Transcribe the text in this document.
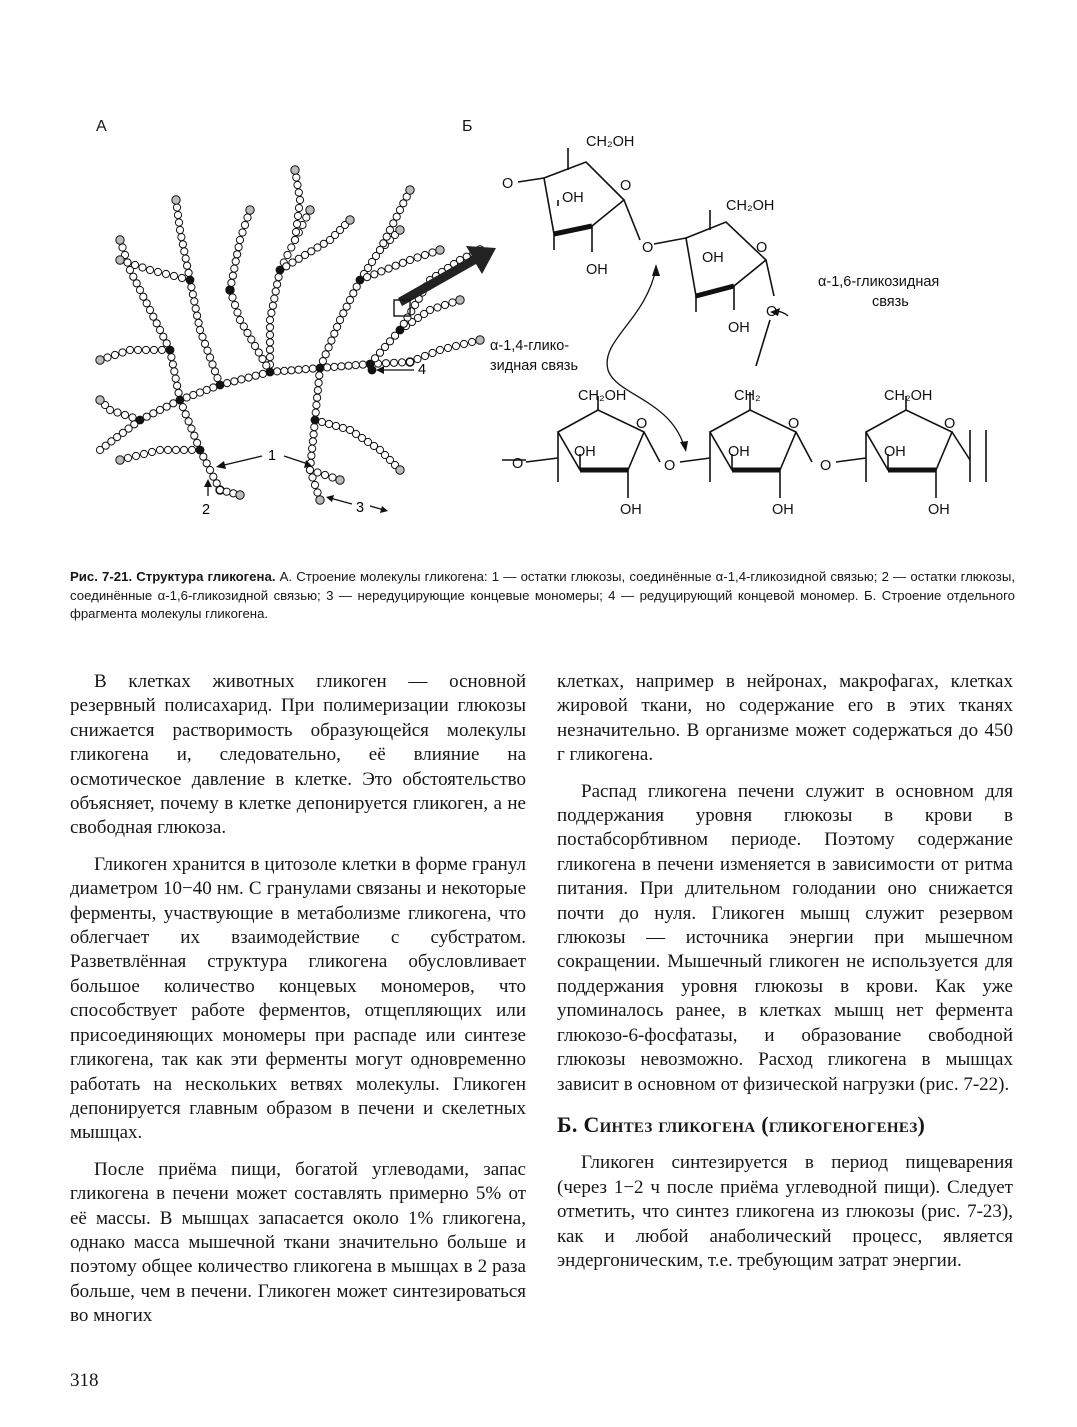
А	Б
4
1
2	3
CH₂OH
CH₂OH
O	O
OH
OH
O	O
OH
OH
O
CH₂
CH₂OH	CH₂OH
O	O	O
OH	OH	OH
O	O	O
OH	OH	OH
α-1,6-гликозидная
связь
α-1,4-глико-
зидная связь
Рис. 7-21. Структура гликогена. А. Строение молекулы гликогена: 1 — остатки глюкозы, соединённые α-1,4-гликозидной связью; 2 — остатки глюкозы, соединённые α-1,6-гликозидной связью; 3 — нередуцирующие концевые мономеры; 4 — редуцирующий концевой мономер. Б. Строение отдельного фрагмента молекулы гликогена.

В клетках животных гликоген — основной резервный полисахарид. При полимеризации глюкозы снижается растворимость образующейся молекулы гликогена и, следовательно, её влияние на осмотическое давление в клетке. Это обстоятельство объясняет, почему в клетке депонируется гликоген, а не свободная глюкоза.

Гликоген хранится в цитозоле клетки в форме гранул диаметром 10−40 нм. С гранулами связаны и некоторые ферменты, участвующие в метаболизме гликогена, что облегчает их взаимодействие с субстратом. Разветвлённая структура гликогена обусловливает большое количество концевых мономеров, что способствует работе ферментов, отщепляющих или присоединяющих мономеры при распаде или синтезе гликогена, так как эти ферменты могут одновременно работать на нескольких ветвях молекулы. Гликоген депонируется главным образом в печени и скелетных мышцах.

После приёма пищи, богатой углеводами, запас гликогена в печени может составлять примерно 5% от её массы. В мышцах запасается около 1% гликогена, однако масса мышечной ткани значительно больше и поэтому общее количество гликогена в мышцах в 2 раза больше, чем в печени. Гликоген может синтезироваться во многих

клетках, например в нейронах, макрофагах, клетках жировой ткани, но содержание его в этих тканях незначительно. В организме может содержаться до 450 г гликогена.

Распад гликогена печени служит в основном для поддержания уровня глюкозы в крови в постабсорбтивном периоде. Поэтому содержание гликогена в печени изменяется в зависимости от ритма питания. При длительном голодании оно снижается почти до нуля. Гликоген мышц служит резервом глюкозы — источника энергии при мышечном сокращении. Мышечный гликоген не используется для поддержания уровня глюкозы в крови. Как уже упоминалось ранее, в клетках мышц нет фермента глюкозо-6-фосфатазы, и образование свободной глюкозы невозможно. Расход гликогена в мышцах зависит в основном от физической нагрузки (рис. 7-22).

Б. Синтез гликогена (гликогеногенез)

Гликоген синтезируется в период пищеварения (через 1−2 ч после приёма углеводной пищи). Следует отметить, что синтез гликогена из глюкозы (рис. 7-23), как и любой анаболический процесс, является эндергоническим, т.е. требующим затрат энергии.

318
